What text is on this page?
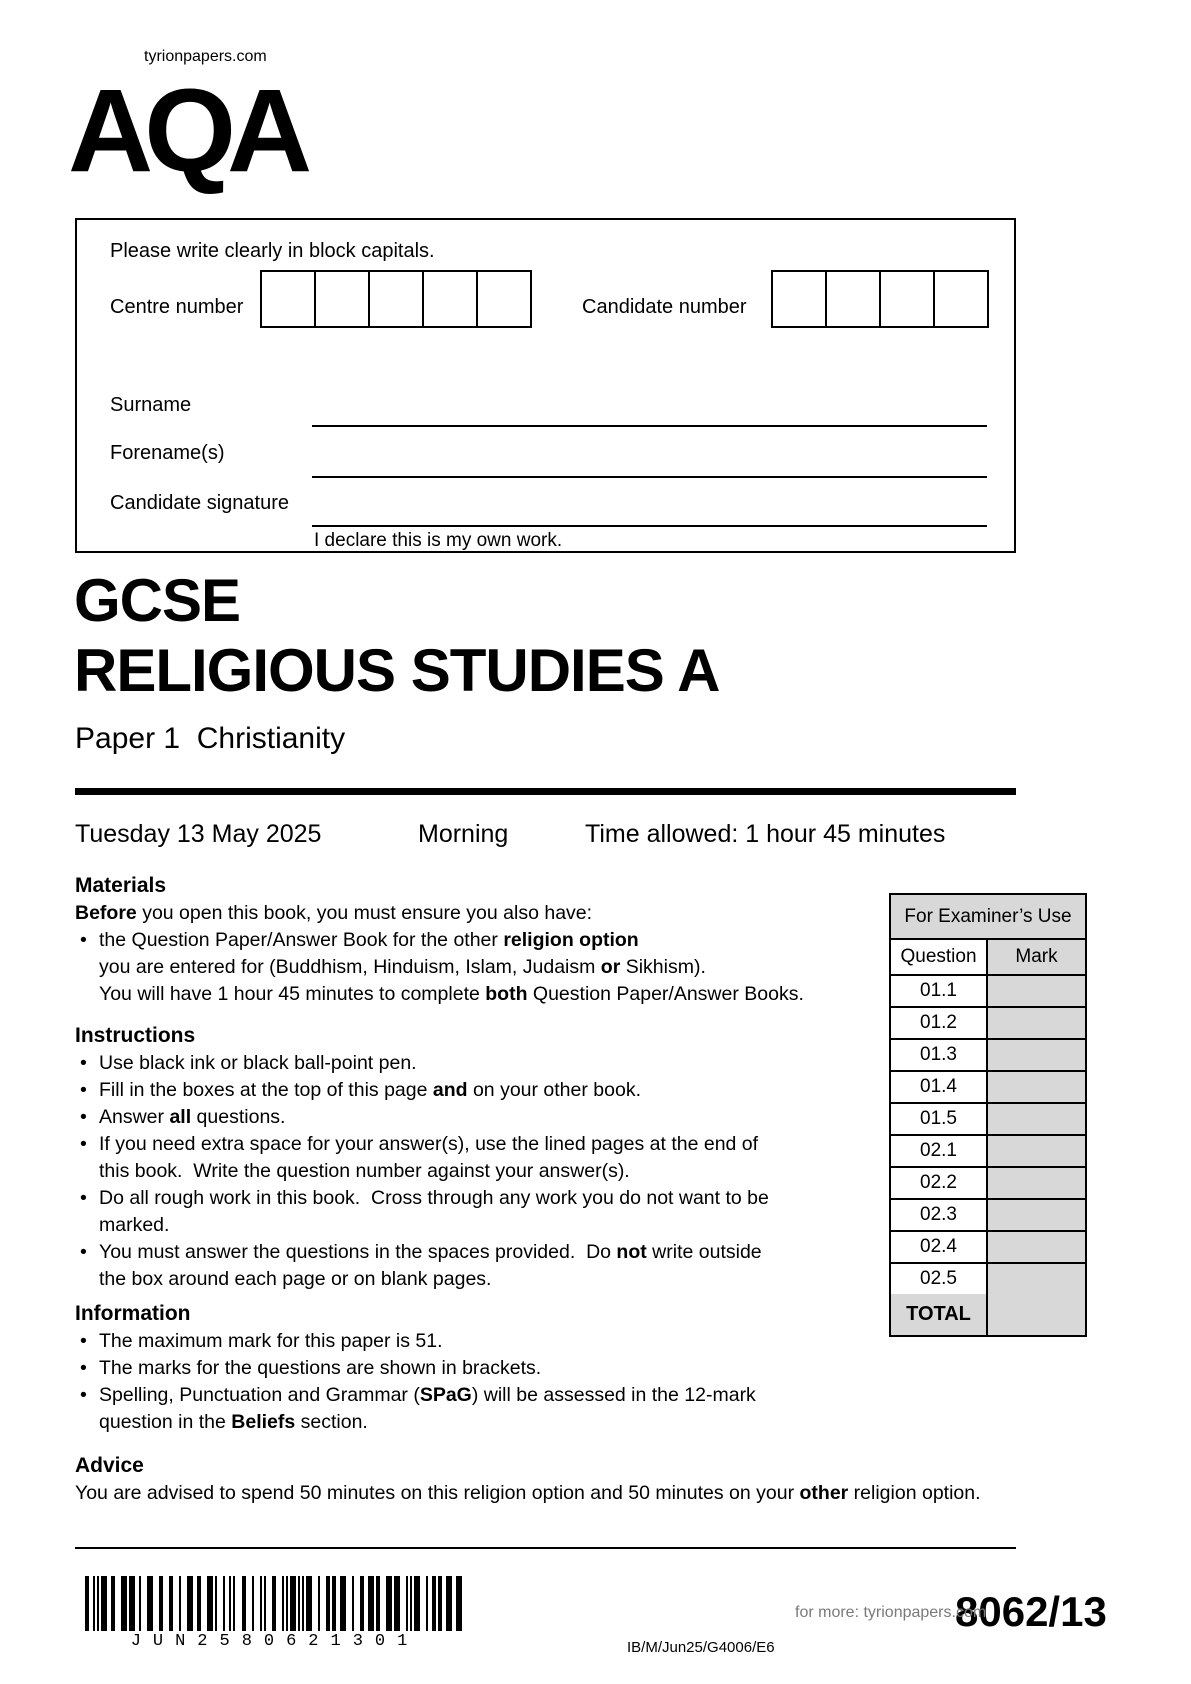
tyrionpapers.com
AQA
Please write clearly in block capitals.
Centre number	Candidate number
Surname
Forename(s)
Candidate signature
I declare this is my own work.
GCSE
RELIGIOUS STUDIES A
Paper 1  Christianity
Tuesday 13 May 2025	Morning	Time allowed: 1 hour 45 minutes
Materials
Before you open this book, you must ensure you also have:
• the Question Paper/Answer Book for the other religion option
you are entered for (Buddhism, Hinduism, Islam, Judaism or Sikhism).
You will have 1 hour 45 minutes to complete both Question Paper/Answer Books.
Instructions
• Use black ink or black ball-point pen.
• Fill in the boxes at the top of this page and on your other book.
• Answer all questions.
• If you need extra space for your answer(s), use the lined pages at the end of
this book.  Write the question number against your answer(s).
• Do all rough work in this book.  Cross through any work you do not want to be
marked.
• You must answer the questions in the spaces provided.  Do not write outside
the box around each page or on blank pages.
Information
• The maximum mark for this paper is 51.
• The marks for the questions are shown in brackets.
• Spelling, Punctuation and Grammar (SPaG) will be assessed in the 12-mark
question in the Beliefs section.
Advice
You are advised to spend 50 minutes on this religion option and 50 minutes on your other religion option.
For Examiner’s Use
Question	Mark
01.1
01.2
01.3
01.4
01.5
02.1
02.2
02.3
02.4
02.5
TOTAL
JUN2580621301	IB/M/Jun25/G4006/E6
for more: tyrionpapers.com
8062/13
